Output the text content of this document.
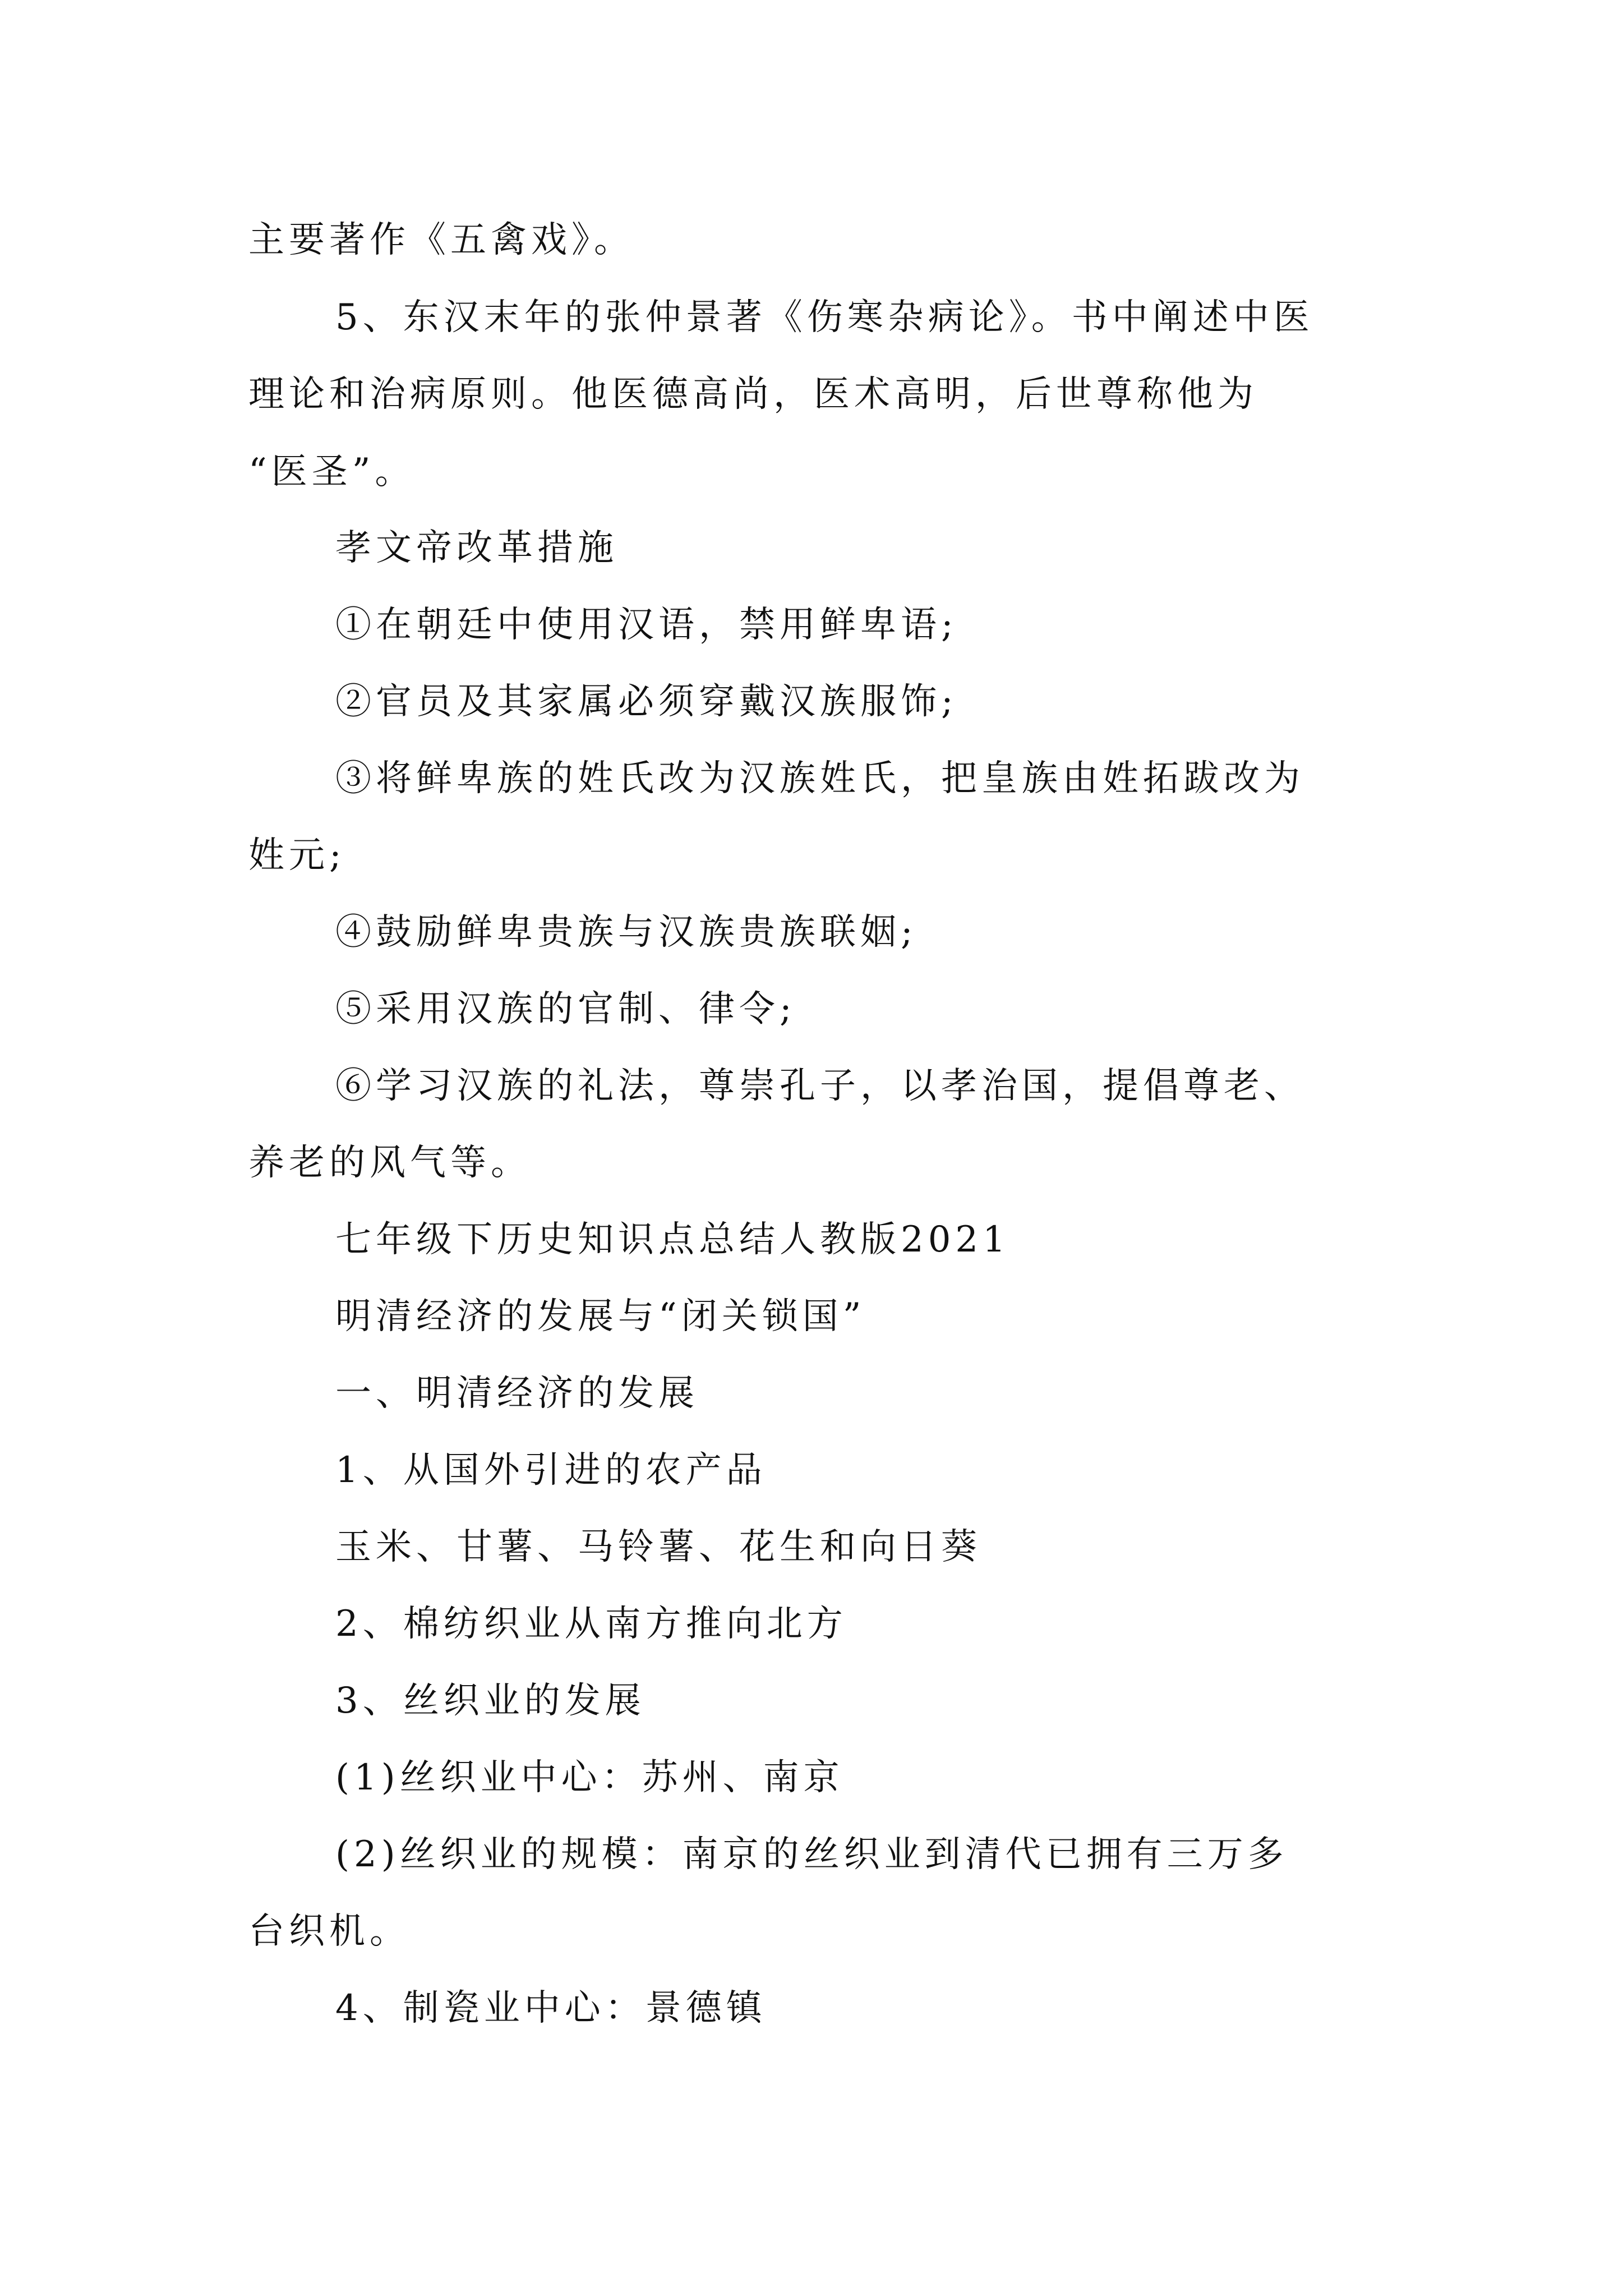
主要著作《五禽戏》。

5、东汉末年的张仲景著《伤寒杂病论》。书中阐述中医

理论和治病原则。他医德高尚，医术高明，后世尊称他为

“医圣”。

孝文帝改革措施

①在朝廷中使用汉语，禁用鲜卑语;

②官员及其家属必须穿戴汉族服饰;

③将鲜卑族的姓氏改为汉族姓氏，把皇族由姓拓跋改为

姓元;

④鼓励鲜卑贵族与汉族贵族联姻;

⑤采用汉族的官制、律令;

⑥学习汉族的礼法，尊崇孔子，以孝治国，提倡尊老、

养老的风气等。

七年级下历史知识点总结人教版2021

明清经济的发展与“闭关锁国”

一、明清经济的发展

1、从国外引进的农产品

玉米、甘薯、马铃薯、花生和向日葵

2、棉纺织业从南方推向北方

3、丝织业的发展

(1)丝织业中心：苏州、南京

(2)丝织业的规模：南京的丝织业到清代已拥有三万多

台织机。

4、制瓷业中心：景德镇
